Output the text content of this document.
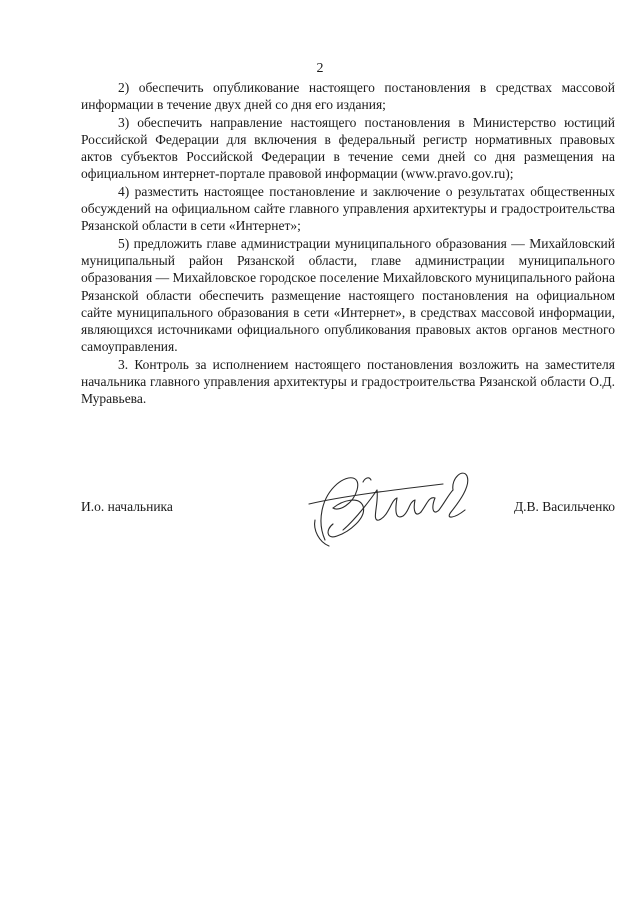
2

2) обеспечить опубликование настоящего постановления в средствах массовой информации в течение двух дней со дня его издания;

3) обеспечить направление настоящего постановления в Министерство юстиций Российской Федерации для включения в федеральный регистр нормативных правовых актов субъектов Российской Федерации в течение семи дней со дня размещения на официальном интернет-портале правовой информации (www.pravo.gov.ru);

4) разместить настоящее постановление и заключение о результатах общественных обсуждений на официальном сайте главного управления архитектуры и градостроительства Рязанской области в сети «Интернет»;

5) предложить главе администрации муниципального образования — Михайловский муниципальный район Рязанской области, главе администрации муниципального образования — Михайловское городское поселение Михайловского муниципального района Рязанской области обеспечить размещение настоящего постановления на официальном сайте муниципального образования в сети «Интернет», в средствах массовой информации, являющихся источниками официального опубликования правовых актов органов местного самоуправления.

3. Контроль за исполнением настоящего постановления возложить на заместителя начальника главного управления архитектуры и градостроительства Рязанской области О.Д. Муравьева.

И.о. начальника	Д.В. Васильченко
